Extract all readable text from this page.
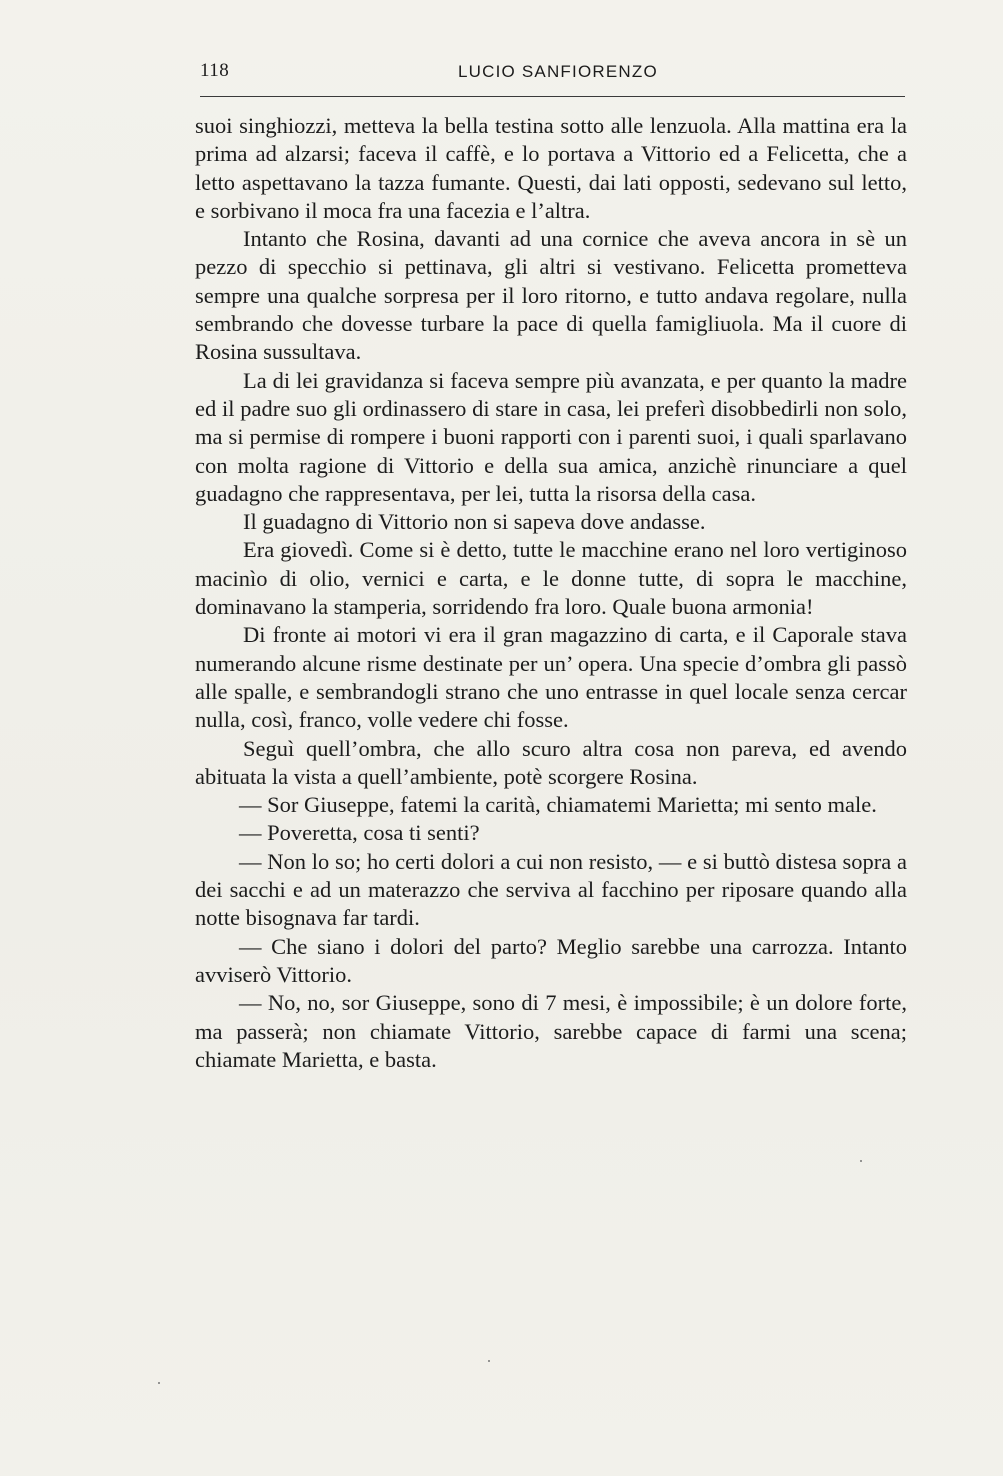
118	LUCIO SANFIORENZO

suoi singhiozzi, metteva la bella testina sotto alle lenzuola. Alla mattina era la prima ad alzarsi; faceva il caffè, e lo portava a Vittorio ed a Felicetta, che a letto aspettavano la tazza fumante. Questi, dai lati opposti, sedevano sul letto, e sorbivano il moca fra una facezia e l’altra.

Intanto che Rosina, davanti ad una cornice che aveva ancora in sè un pezzo di specchio si pettinava, gli altri si vestivano. Felicetta prometteva sempre una qualche sorpresa per il loro ritorno, e tutto andava regolare, nulla sembrando che dovesse turbare la pace di quella famigliuola. Ma il cuore di Rosina sussultava.

La di lei gravidanza si faceva sempre più avanzata, e per quanto la madre ed il padre suo gli ordinassero di stare in casa, lei preferì disobbedirli non solo, ma si permise di rompere i buoni rapporti con i parenti suoi, i quali sparlavano con molta ragione di Vittorio e della sua amica, anzichè rinunciare a quel guadagno che rappresentava, per lei, tutta la risorsa della casa.

Il guadagno di Vittorio non si sapeva dove andasse.

Era giovedì. Come si è detto, tutte le macchine erano nel loro vertiginoso macinìo di olio, vernici e carta, e le donne tutte, di sopra le macchine, dominavano la stamperia, sorridendo fra loro. Quale buona armonia!

Di fronte ai motori vi era il gran magazzino di carta, e il Caporale stava numerando alcune risme destinate per un’ opera. Una specie d’ombra gli passò alle spalle, e sembrandogli strano che uno entrasse in quel locale senza cercar nulla, così, franco, volle vedere chi fosse.

Seguì quell’ombra, che allo scuro altra cosa non pareva, ed avendo abituata la vista a quell’ambiente, potè scorgere Rosina.

— Sor Giuseppe, fatemi la carità, chiamatemi Marietta; mi sento male.

— Poveretta, cosa ti senti?

— Non lo so; ho certi dolori a cui non resisto, — e si buttò distesa sopra a dei sacchi e ad un materazzo che serviva al facchino per riposare quando alla notte bisognava far tardi.

— Che siano i dolori del parto? Meglio sarebbe una carrozza. Intanto avviserò Vittorio.

— No, no, sor Giuseppe, sono di 7 mesi, è impossibile; è un dolore forte, ma passerà; non chiamate Vittorio, sarebbe capace di farmi una scena; chiamate Marietta, e basta.
